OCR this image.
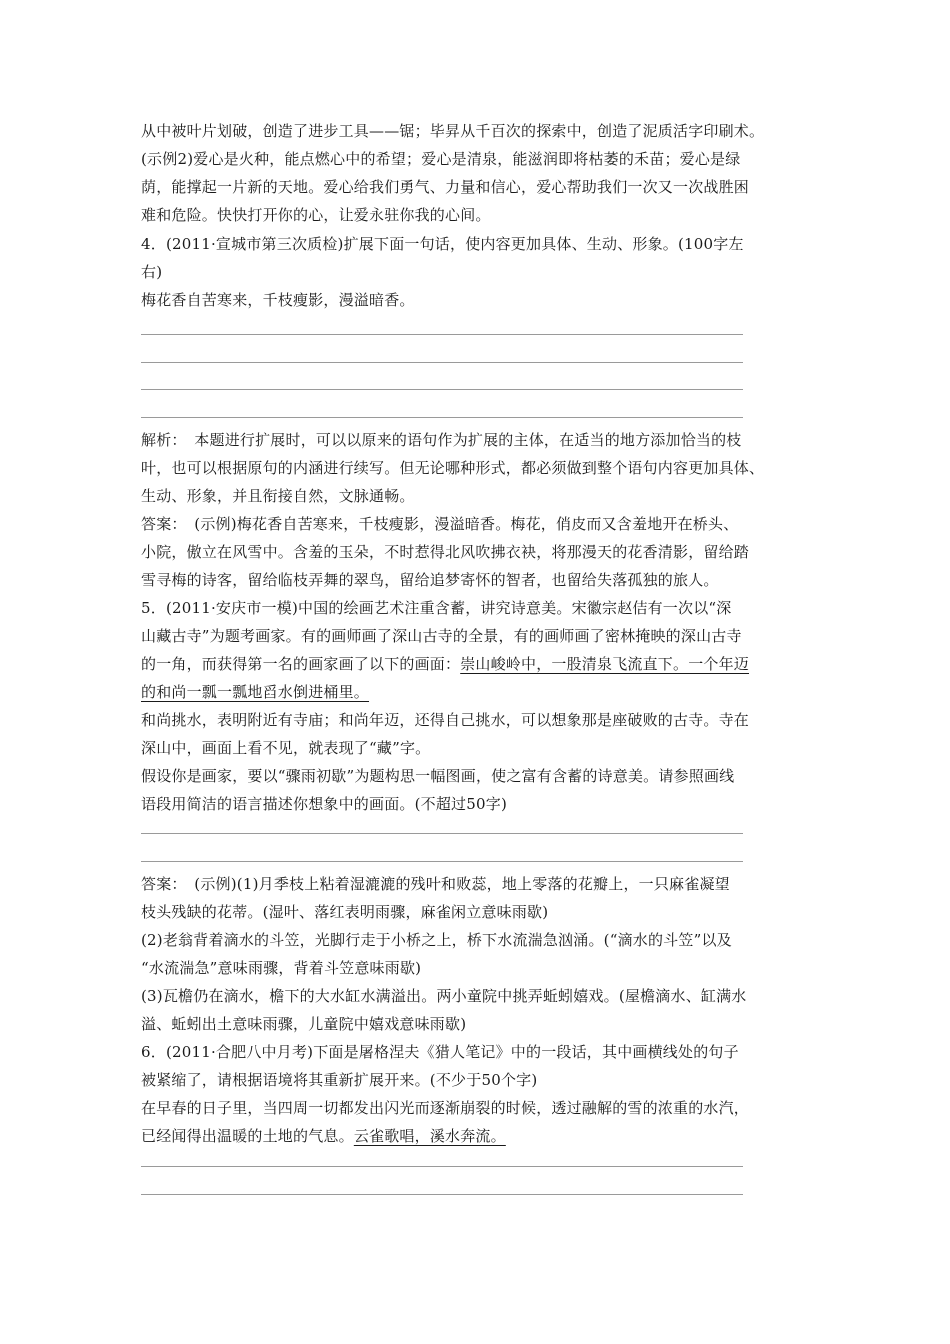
从中被叶片划破，创造了进步工具——锯；毕昇从千百次的探索中，创造了泥质活字印刷术。
(示例2)爱心是火种，能点燃心中的希望；爱心是清泉，能滋润即将枯萎的禾苗；爱心是绿
荫，能撑起一片新的天地。爱心给我们勇气、力量和信心，爱心帮助我们一次又一次战胜困
难和危险。快快打开你的心，让爱永驻你我的心间。
4．(2011·宣城市第三次质检)扩展下面一句话，使内容更加具体、生动、形象。(100字左
右)
梅花香自苦寒来，千枝瘦影，漫溢暗香。
解析：　本题进行扩展时，可以以原来的语句作为扩展的主体，在适当的地方添加恰当的枝
叶，也可以根据原句的内涵进行续写。但无论哪种形式，都必须做到整个语句内容更加具体、
生动、形象，并且衔接自然，文脉通畅。
答案：　(示例)梅花香自苦寒来，千枝瘦影，漫溢暗香。梅花，俏皮而又含羞地开在桥头、
小院，傲立在风雪中。含羞的玉朵，不时惹得北风吹拂衣袂，将那漫天的花香清影，留给踏
雪寻梅的诗客，留给临枝弄舞的翠鸟，留给追梦寄怀的智者，也留给失落孤独的旅人。
5．(2011·安庆市一模)中国的绘画艺术注重含蓄，讲究诗意美。宋徽宗赵佶有一次以“深
山藏古寺”为题考画家。有的画师画了深山古寺的全景，有的画师画了密林掩映的深山古寺
的一角，而获得第一名的画家画了以下的画面：崇山峻岭中，一股清泉飞流直下。一个年迈
的和尚一瓢一瓢地舀水倒进桶里。
和尚挑水，表明附近有寺庙；和尚年迈，还得自己挑水，可以想象那是座破败的古寺。寺在
深山中，画面上看不见，就表现了“藏”字。
假设你是画家，要以“骤雨初歇”为题构思一幅图画，使之富有含蓄的诗意美。请参照画线
语段用简洁的语言描述你想象中的画面。(不超过50字)
答案：　(示例)(1)月季枝上粘着湿漉漉的残叶和败蕊，地上零落的花瓣上，一只麻雀凝望
枝头残缺的花蒂。(湿叶、落红表明雨骤，麻雀闲立意味雨歇)
(2)老翁背着滴水的斗笠，光脚行走于小桥之上，桥下水流湍急汹涌。(“滴水的斗笠”以及
“水流湍急”意味雨骤，背着斗笠意味雨歇)
(3)瓦檐仍在滴水，檐下的大水缸水满溢出。两小童院中挑弄蚯蚓嬉戏。(屋檐滴水、缸满水
溢、蚯蚓出土意味雨骤，儿童院中嬉戏意味雨歇)
6．(2011·合肥八中月考)下面是屠格涅夫《猎人笔记》中的一段话，其中画横线处的句子
被紧缩了，请根据语境将其重新扩展开来。(不少于50个字)
在早春的日子里，当四周一切都发出闪光而逐渐崩裂的时候，透过融解的雪的浓重的水汽，
已经闻得出温暖的土地的气息。云雀歌唱，溪水奔流。
